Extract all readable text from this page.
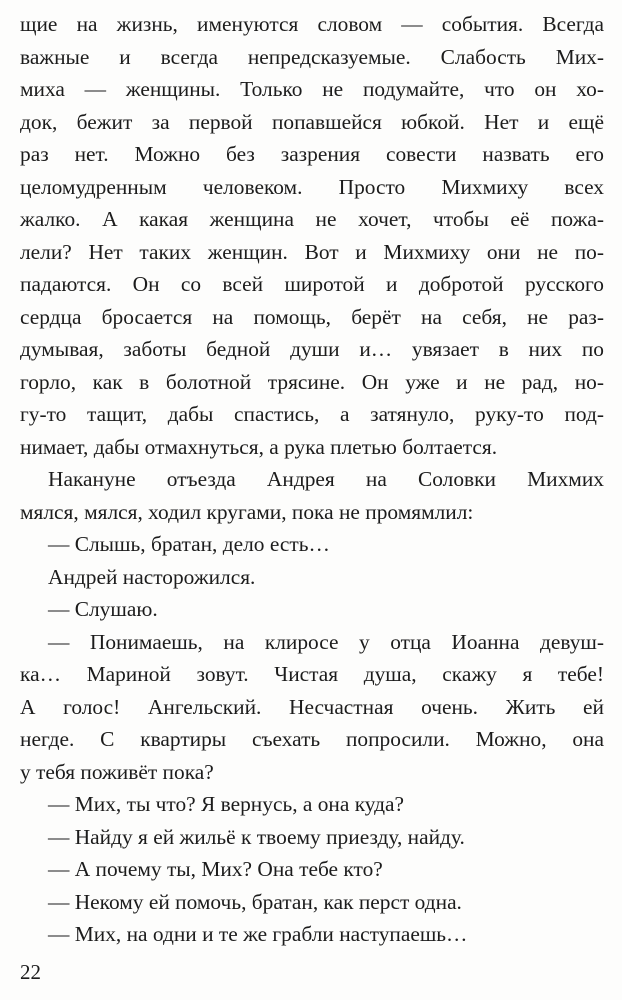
щие на жизнь, именуются словом — события. Всегда
важные и всегда непредсказуемые. Слабость Мих-
миха — женщины. Только не подумайте, что он хо-
док, бежит за первой попавшейся юбкой. Нет и ещё
раз нет. Можно без зазрения совести назвать его
целомудренным человеком. Просто Михмиху всех
жалко. А какая женщина не хочет, чтобы её пожа-
лели? Нет таких женщин. Вот и Михмиху они не по-
падаются. Он со всей широтой и добротой русского
сердца бросается на помощь, берёт на себя, не раз-
думывая, заботы бедной души и… увязает в них по
горло, как в болотной трясине. Он уже и не рад, но-
гу-то тащит, дабы спастись, а затянуло, руку-то под-
нимает, дабы отмахнуться, а рука плетью болтается.
Накануне отъезда Андрея на Соловки Михмих
мялся, мялся, ходил кругами, пока не промямлил:
— Слышь, братан, дело есть…
Андрей насторожился.
— Слушаю.
— Понимаешь, на клиросе у отца Иоанна девуш-
ка… Мариной зовут. Чистая душа, скажу я тебе!
А голос! Ангельский. Несчастная очень. Жить ей
негде. С квартиры съехать попросили. Можно, она
у тебя поживёт пока?
— Мих, ты что? Я вернусь, а она куда?
— Найду я ей жильё к твоему приезду, найду.
— А почему ты, Мих? Она тебе кто?
— Некому ей помочь, братан, как перст одна.
— Мих, на одни и те же грабли наступаешь…
22
